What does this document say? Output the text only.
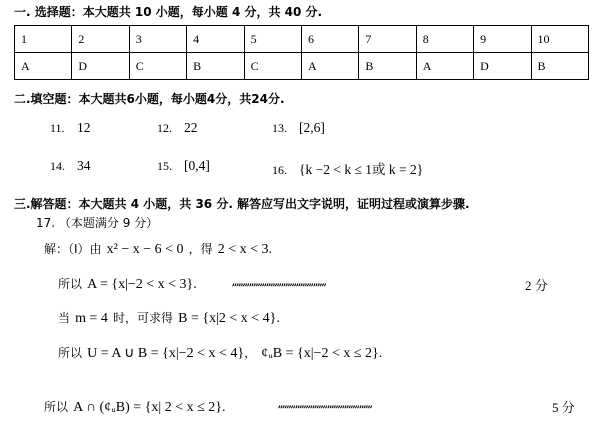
一. 选择题：本大题共 10 小题，每小题 4 分，共 40 分.
1	2	3	4	5	6	7	8	9	10
A	D	C	B	C	A	B	A	D	B
二.填空题：本大题共6小题，每小题4分，共24分.
11. 12	12. 22	13. [2,6]
14. 34	15. [0,4]	16. {k −2 < k ≤ 1或 k = 2}
三.解答题：本大题共 4 小题，共 36 分. 解答应写出文字说明，证明过程或演算步骤.
17. （本题满分 9 分）
解：（Ⅰ）由 x² − x − 6 < 0 ，得 2 < x < 3.
所以 A = {x|−2 < x < 3}.	,,,,,,,,,,,,,,,,,,,,,,,,,,,,,,,,,,,,,,,,,,,,	2 分
当 m = 4 时，可求得 B = {x|2 < x < 4}.
所以 U = A ∪ B = {x|−2 < x < 4}， ȼᵤB = {x|−2 < x ≤ 2}.
所以 A ∩ (ȼᵤB) = {x| 2 < x ≤ 2}.	,,,,,,,,,,,,,,,,,,,,,,,,,,,,,,,,,,,,,,,,,,,,	5 分
